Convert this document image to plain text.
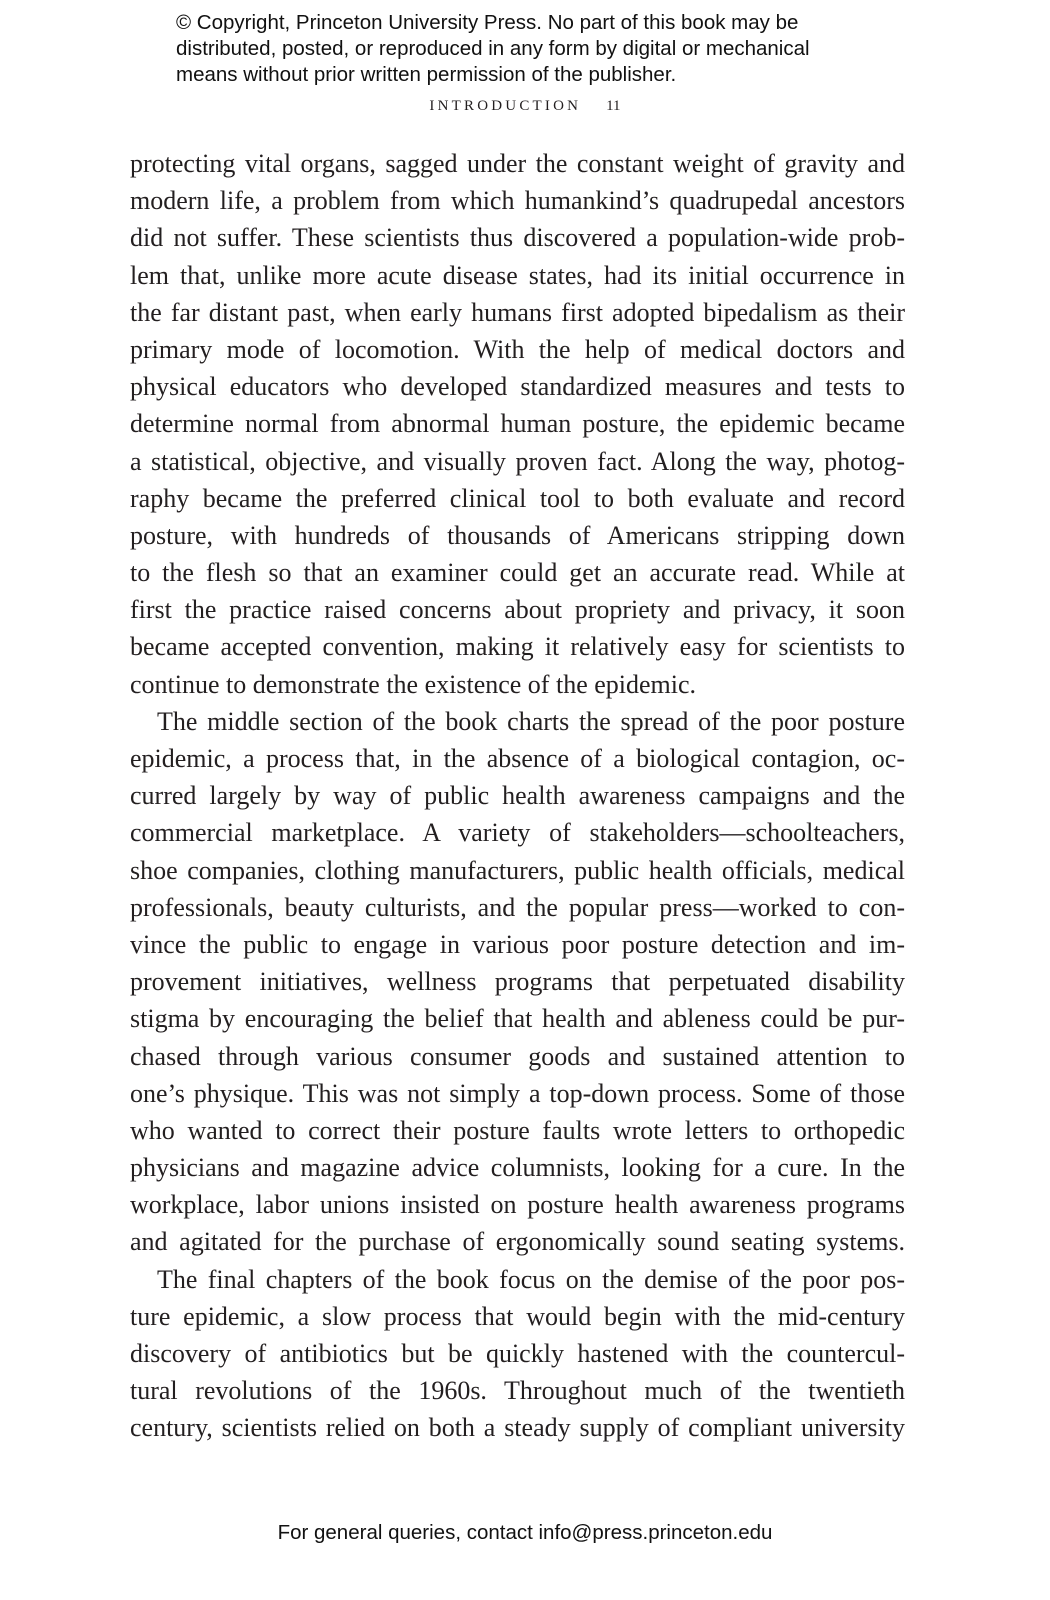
© Copyright, Princeton University Press. No part of this book may be
distributed, posted, or reproduced in any form by digital or mechanical
means without prior written permission of the publisher.
INTRODUCTION 11
protecting vital organs, sagged under the constant weight of gravity and
modern life, a problem from which humankind’s quadrupedal ancestors
did not suffer. These scientists thus discovered a population-wide prob-
lem that, unlike more acute disease states, had its initial occurrence in
the far distant past, when early humans first adopted bipedalism as their
primary mode of locomotion. With the help of medical doctors and
physical educators who developed standardized measures and tests to
determine normal from abnormal human posture, the epidemic became
a statistical, objective, and visually proven fact. Along the way, photog-
raphy became the preferred clinical tool to both evaluate and record
posture, with hundreds of thousands of Americans stripping down
to the flesh so that an examiner could get an accurate read. While at
first the practice raised concerns about propriety and privacy, it soon
became accepted convention, making it relatively easy for scientists to
continue to demonstrate the existence of the epidemic.
The middle section of the book charts the spread of the poor posture
epidemic, a process that, in the absence of a biological contagion, oc-
curred largely by way of public health awareness campaigns and the
commercial marketplace. A variety of stakeholders—schoolteachers,
shoe companies, clothing manufacturers, public health officials, medical
professionals, beauty culturists, and the popular press—worked to con-
vince the public to engage in various poor posture detection and im-
provement initiatives, wellness programs that perpetuated disability
stigma by encouraging the belief that health and ableness could be pur-
chased through various consumer goods and sustained attention to
one’s physique. This was not simply a top-down process. Some of those
who wanted to correct their posture faults wrote letters to orthopedic
physicians and magazine advice columnists, looking for a cure. In the
workplace, labor unions insisted on posture health awareness programs
and agitated for the purchase of ergonomically sound seating systems.
The final chapters of the book focus on the demise of the poor pos-
ture epidemic, a slow process that would begin with the mid-century
discovery of antibiotics but be quickly hastened with the countercul-
tural revolutions of the 1960s. Throughout much of the twentieth
century, scientists relied on both a steady supply of compliant university
For general queries, contact info@press.princeton.edu
